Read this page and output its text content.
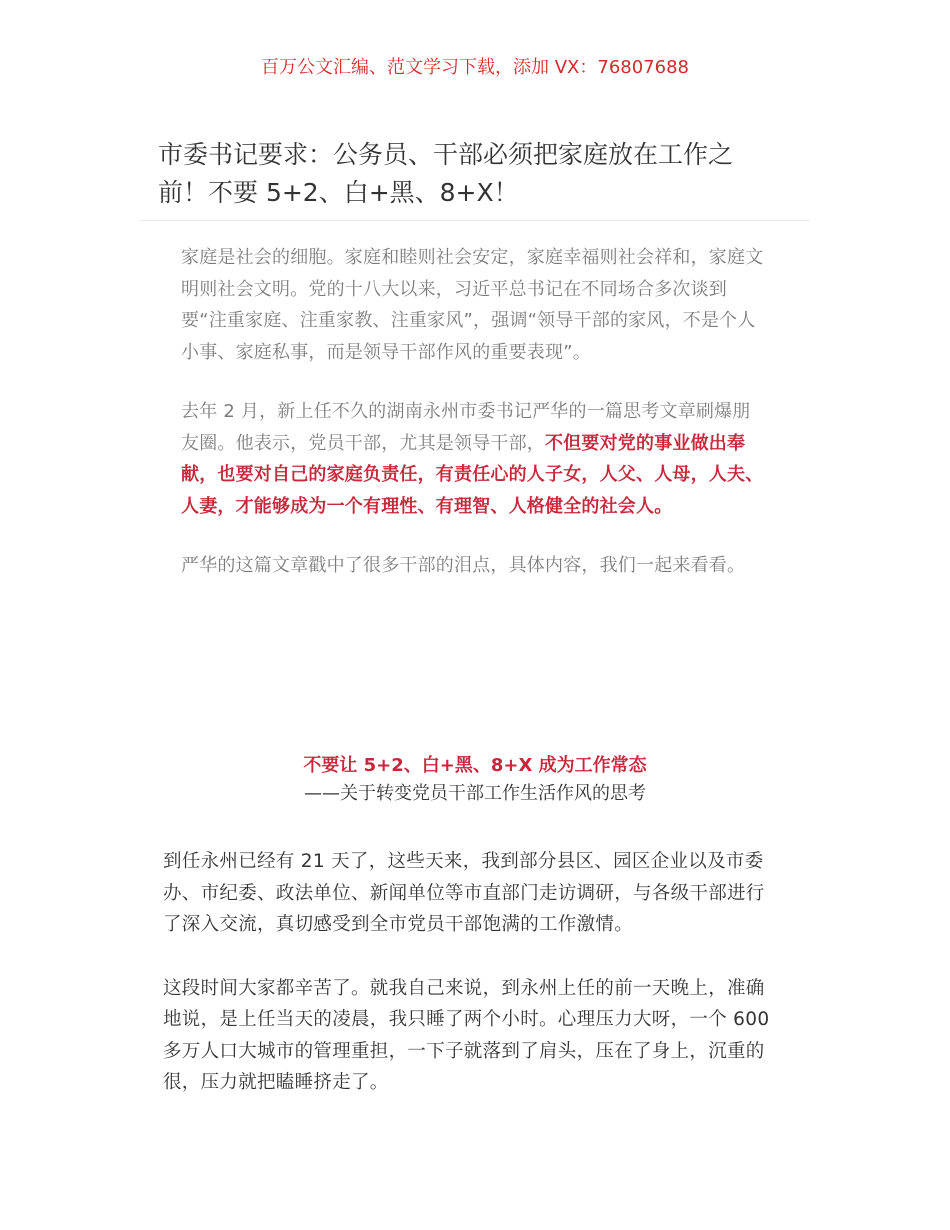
百万公文汇编、范文学习下载，添加 VX：76807688
市委书记要求：公务员、干部必须把家庭放在工作之前！不要 5+2、白+黑、8+X！

家庭是社会的细胞。家庭和睦则社会安定，家庭幸福则社会祥和，家庭文明则社会文明。党的十八大以来，习近平总书记在不同场合多次谈到要“注重家庭、注重家教、注重家风”，强调“领导干部的家风，不是个人小事、家庭私事，而是领导干部作风的重要表现”。

去年 2 月，新上任不久的湖南永州市委书记严华的一篇思考文章刷爆朋友圈。他表示，党员干部，尤其是领导干部，不但要对党的事业做出奉献，也要对自己的家庭负责任，有责任心的人子女，人父、人母，人夫、人妻，才能够成为一个有理性、有理智、人格健全的社会人。

严华的这篇文章戳中了很多干部的泪点，具体内容，我们一起来看看。

不要让 5+2、白+黑、8+X 成为工作常态
——关于转变党员干部工作生活作风的思考

到任永州已经有 21 天了，这些天来，我到部分县区、园区企业以及市委办、市纪委、政法单位、新闻单位等市直部门走访调研，与各级干部进行了深入交流，真切感受到全市党员干部饱满的工作激情。

这段时间大家都辛苦了。就我自己来说，到永州上任的前一天晚上，准确地说，是上任当天的凌晨，我只睡了两个小时。心理压力大呀，一个 600 多万人口大城市的管理重担，一下子就落到了肩头，压在了身上，沉重的很，压力就把瞌睡挤走了。
